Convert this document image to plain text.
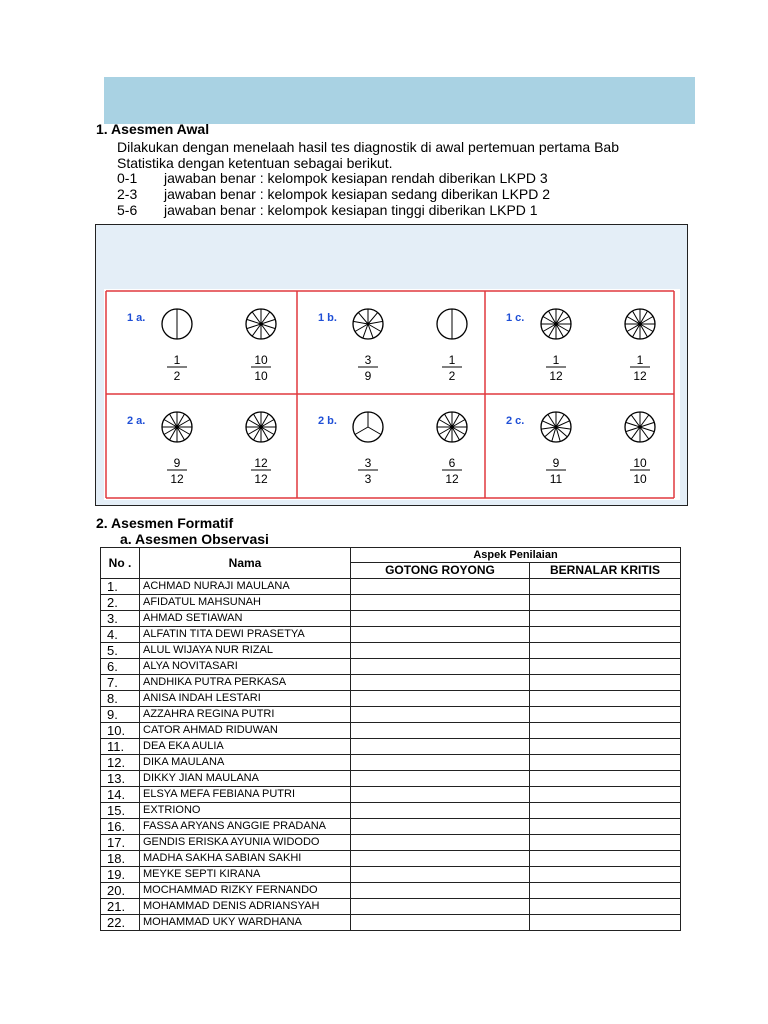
1. Asesmen Awal
Dilakukan dengan menelaah hasil tes diagnostik di awal pertemuan pertama Bab
Statistika dengan ketentuan sebagai berikut.
0-1 jawaban benar : kelompok kesiapan rendah diberikan LKPD 3
2-3 jawaban benar : kelompok kesiapan sedang diberikan LKPD 2
5-6 jawaban benar : kelompok kesiapan tinggi diberikan LKPD 1
1 a.
1
2
10
10
1 b.
3
9
1
2
1 c.
1
12
1
12
2 a.
9
12
12
12
2 b.
3
3
6
12
2 c.
9
11
10
10
2. Asesmen Formatif
a. Asesmen Observasi
No .	Nama	Aspek Penilaian	
		GOTONG ROYONG	BERNALAR KRITIS
1.	ACHMAD NURAJI MAULANA		
2.	AFIDATUL MAHSUNAH		
3.	AHMAD SETIAWAN		
4.	ALFATIN TITA DEWI PRASETYA		
5.	ALUL WIJAYA NUR RIZAL		
6.	ALYA NOVITASARI		
7.	ANDHIKA PUTRA PERKASA		
8.	ANISA INDAH LESTARI		
9.	AZZAHRA REGINA PUTRI		
10.	CATOR AHMAD RIDUWAN		
11.	DEA EKA AULIA		
12.	DIKA MAULANA		
13.	DIKKY JIAN MAULANA		
14.	ELSYA MEFA FEBIANA PUTRI		
15.	EXTRIONO		
16.	FASSA ARYANS ANGGIE PRADANA		
17.	GENDIS ERISKA AYUNIA WIDODO		
18.	MADHA SAKHA SABIAN SAKHI		
19.	MEYKE SEPTI KIRANA		
20.	MOCHAMMAD RIZKY FERNANDO		
21.	MOHAMMAD DENIS ADRIANSYAH		
22.	MOHAMMAD UKY WARDHANA		
